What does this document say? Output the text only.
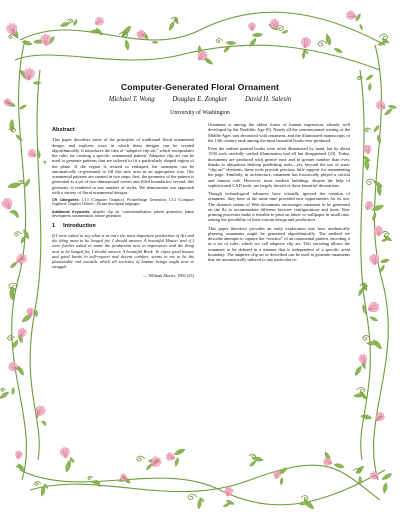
Computer-Generated Floral Ornament
Michael T. Wong	Douglas E. Zongker	David H. Salesin
University of Washington
Abstract

This paper describes some of the principles of traditional floral ornamental design, and explores ways in which these designs can be created algorithmically. It introduces the idea of “adaptive clip art,” which encapsulates the rules for creating a specific ornamental pattern. Adaptive clip art can be used to generate patterns that are tailored to fit a particularly shaped region of the plane. If the region is resized or reshaped, the ornament can be automatically re-generated to fill this new area in an appropriate way. Our ornamental patterns are created in two steps: first, the geometry of the pattern is generated as a set of two-dimensional curves and filled boundaries; second, this geometry is rendered in any number of styles. We demonstrate our approach with a variety of floral ornamental designs.

CR Categories: I.3.3 [Computer Graphics]: Picture/Image Generation; I.3.4 [Computer Graphics]: Graphics Utilities—Picture description languages.

Additional Keywords: adaptive clip art, conventionalization, pattern generation, planar development, ornamentation, texture generation

1 Introduction

If I were asked to say what is at once the most important production of Art and the thing most to be longed for, I should answer, A beautiful House; and if I were further asked to name the production next in importance and the thing next to be longed for, I should answer, A beautiful Book. To enjoy good houses and good books in self-respect and decent comfort, seems to me to be the pleasurable end towards which all societies of human beings ought now to struggle.

— William Morris, 1892 [23]

Ornament is among the oldest forms of human expression, already well developed by the Neolithic Age [6]. Nearly all the commissioned writing of the Middle Ages was decorated with ornament, and the illuminated manuscripts of the 13th century rank among the most beautiful books ever produced.

Even the earliest printed books were often illuminated by hand, but by about 1530 such carefully crafted illumination had all but disappeared [23]. Today, documents are produced with greater ease and in greater number than ever, thanks to ubiquitous desktop publishing tools—yet, beyond the use of static “clip art” elements, these tools provide precious little support for ornamenting the page. Similarly, in architecture, ornament has historically played a critical and famous role. However, most modern buildings, despite the help of sophisticated CAD tools, are largely devoid of these beautiful decorations.

Though technological advances have virtually ignored the creation of ornament, they have at the same time provided new opportunities for its use. The dynamic nature of Web documents encourages ornament to be generated on the fly to accommodate different browser configurations and fonts. New printing processes make it feasible to print on fabric or wallpaper in small runs, raising the possibility of their custom design and production.

This paper therefore provides an early exploration into how aesthetically pleasing ornaments might be generated algorithmically. The method we describe attempts to capture the “essence” of an ornamental pattern, encoding it as a set of rules, which we call adaptive clip art. This encoding allows the ornament to be defined in a manner that is independent of a specific areal boundary. The adaptive clip art so described can be used to generate ornaments that are automatically tailored to any particular re-
